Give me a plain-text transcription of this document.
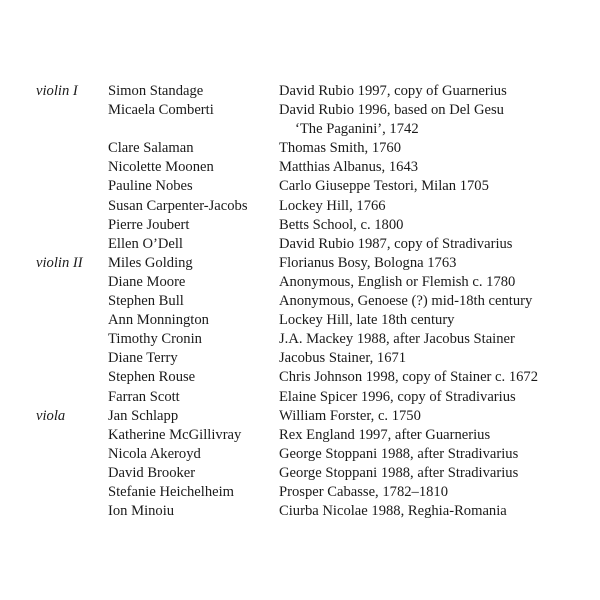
violin I	Simon Standage	David Rubio 1997, copy of Guarnerius
Micaela Comberti	David Rubio 1996, based on Del Gesu
‘The Paganini’, 1742
Clare Salaman	Thomas Smith, 1760
Nicolette Moonen	Matthias Albanus, 1643
Pauline Nobes	Carlo Giuseppe Testori, Milan 1705
Susan Carpenter-Jacobs	Lockey Hill, 1766
Pierre Joubert	Betts School, c. 1800
Ellen O’Dell	David Rubio 1987, copy of Stradivarius
violin II	Miles Golding	Florianus Bosy, Bologna 1763
Diane Moore	Anonymous, English or Flemish c. 1780
Stephen Bull	Anonymous, Genoese (?) mid-18th century
Ann Monnington	Lockey Hill, late 18th century
Timothy Cronin	J.A. Mackey 1988, after Jacobus Stainer
Diane Terry	Jacobus Stainer, 1671
Stephen Rouse	Chris Johnson 1998, copy of Stainer c. 1672
Farran Scott	Elaine Spicer 1996, copy of Stradivarius
viola	Jan Schlapp	William Forster, c. 1750
Katherine McGillivray	Rex England 1997, after Guarnerius
Nicola Akeroyd	George Stoppani 1988, after Stradivarius
David Brooker	George Stoppani 1988, after Stradivarius
Stefanie Heichelheim	Prosper Cabasse, 1782–1810
Ion Minoiu	Ciurba Nicolae 1988, Reghia-Romania
